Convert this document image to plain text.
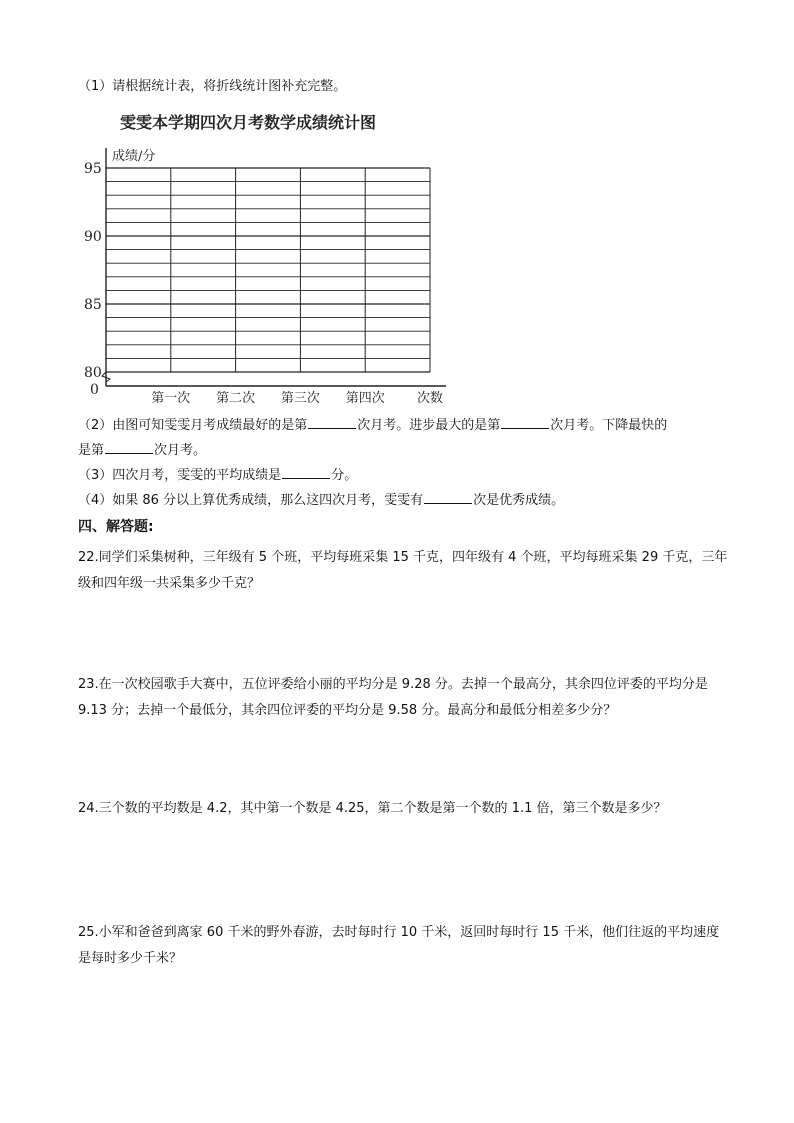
（1）请根据统计表，将折线统计图补充完整。
雯雯本学期四次月考数学成绩统计图
95
90
85
80
0
第一次 第二次 第三次 第四次 次数
成绩/分
（2）由图可知雯雯月考成绩最好的是第	次月考。进步最大的是第	次月考。下降最快的
是第	次月考。
（3）四次月考，雯雯的平均成绩是	分。
（4）如果 86 分以上算优秀成绩，那么这四次月考，雯雯有	次是优秀成绩。
四、解答题:
22.同学们采集树种，三年级有 5 个班，平均每班采集 15 千克，四年级有 4 个班，平均每班采集 29 千克，三年级和四年级一共采集多少千克？
23.在一次校园歌手大赛中，五位评委给小丽的平均分是 9.28 分。去掉一个最高分，其余四位评委的平均分是 9.13 分；去掉一个最低分，其余四位评委的平均分是 9.58 分。最高分和最低分相差多少分？
24.三个数的平均数是 4.2，其中第一个数是 4.25，第二个数是第一个数的 1.1 倍，第三个数是多少？
25.小军和爸爸到离家 60 千米的野外春游，去时每时行 10 千米，返回时每时行 15 千米，他们往返的平均速度是每时多少千米？
